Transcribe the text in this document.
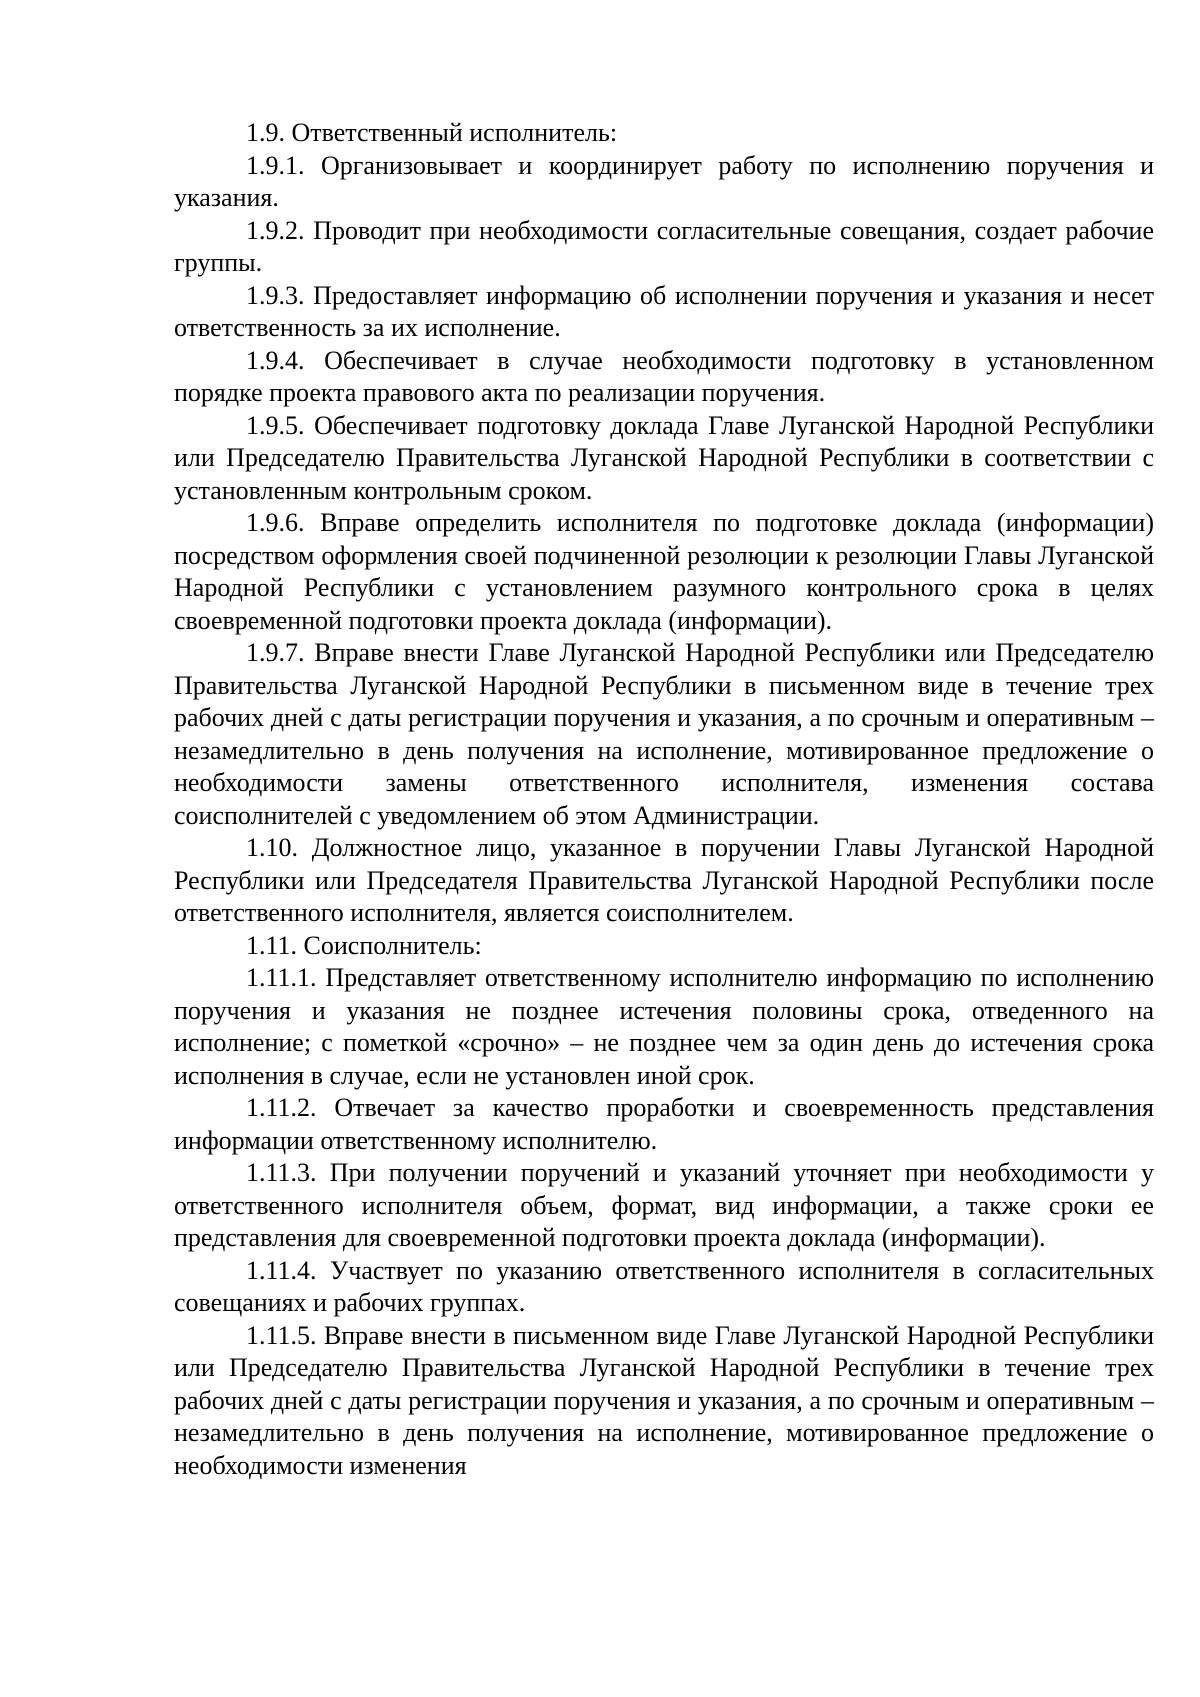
1.9. Ответственный исполнитель:

1.9.1. Организовывает и координирует работу по исполнению поручения и указания.

1.9.2. Проводит при необходимости согласительные совещания, создает рабочие группы.

1.9.3. Предоставляет информацию об исполнении поручения и указания и несет ответственность за их исполнение.

1.9.4. Обеспечивает в случае необходимости подготовку в установленном порядке проекта правового акта по реализации поручения.

1.9.5. Обеспечивает подготовку доклада Главе Луганской Народной Республики или Председателю Правительства Луганской Народной Республики в соответствии с установленным контрольным сроком.

1.9.6. Вправе определить исполнителя по подготовке доклада (информации) посредством оформления своей подчиненной резолюции к резолюции Главы Луганской Народной Республики с установлением разумного контрольного срока в целях своевременной подготовки проекта доклада (информации).

1.9.7. Вправе внести Главе Луганской Народной Республики или Председателю Правительства Луганской Народной Республики в письменном виде в течение трех рабочих дней с даты регистрации поручения и указания, а по срочным и оперативным – незамедлительно в день получения на исполнение, мотивированное предложение о необходимости замены ответственного исполнителя, изменения состава соисполнителей с уведомлением об этом Администрации.

1.10. Должностное лицо, указанное в поручении Главы Луганской Народной Республики или Председателя Правительства Луганской Народной Республики после ответственного исполнителя, является соисполнителем.

1.11. Соисполнитель:

1.11.1. Представляет ответственному исполнителю информацию по исполнению поручения и указания не позднее истечения половины срока, отведенного на исполнение; с пометкой «срочно» – не позднее чем за один день до истечения срока исполнения в случае, если не установлен иной срок.

1.11.2. Отвечает за качество проработки и своевременность представления информации ответственному исполнителю.

1.11.3. При получении поручений и указаний уточняет при необходимости у ответственного исполнителя объем, формат, вид информации, а также сроки ее представления для своевременной подготовки проекта доклада (информации).

1.11.4. Участвует по указанию ответственного исполнителя в согласительных совещаниях и рабочих группах.

1.11.5. Вправе внести в письменном виде Главе Луганской Народной Республики или Председателю Правительства Луганской Народной Республики в течение трех рабочих дней с даты регистрации поручения и указания, а по срочным и оперативным – незамедлительно в день получения на исполнение, мотивированное предложение о необходимости изменения
